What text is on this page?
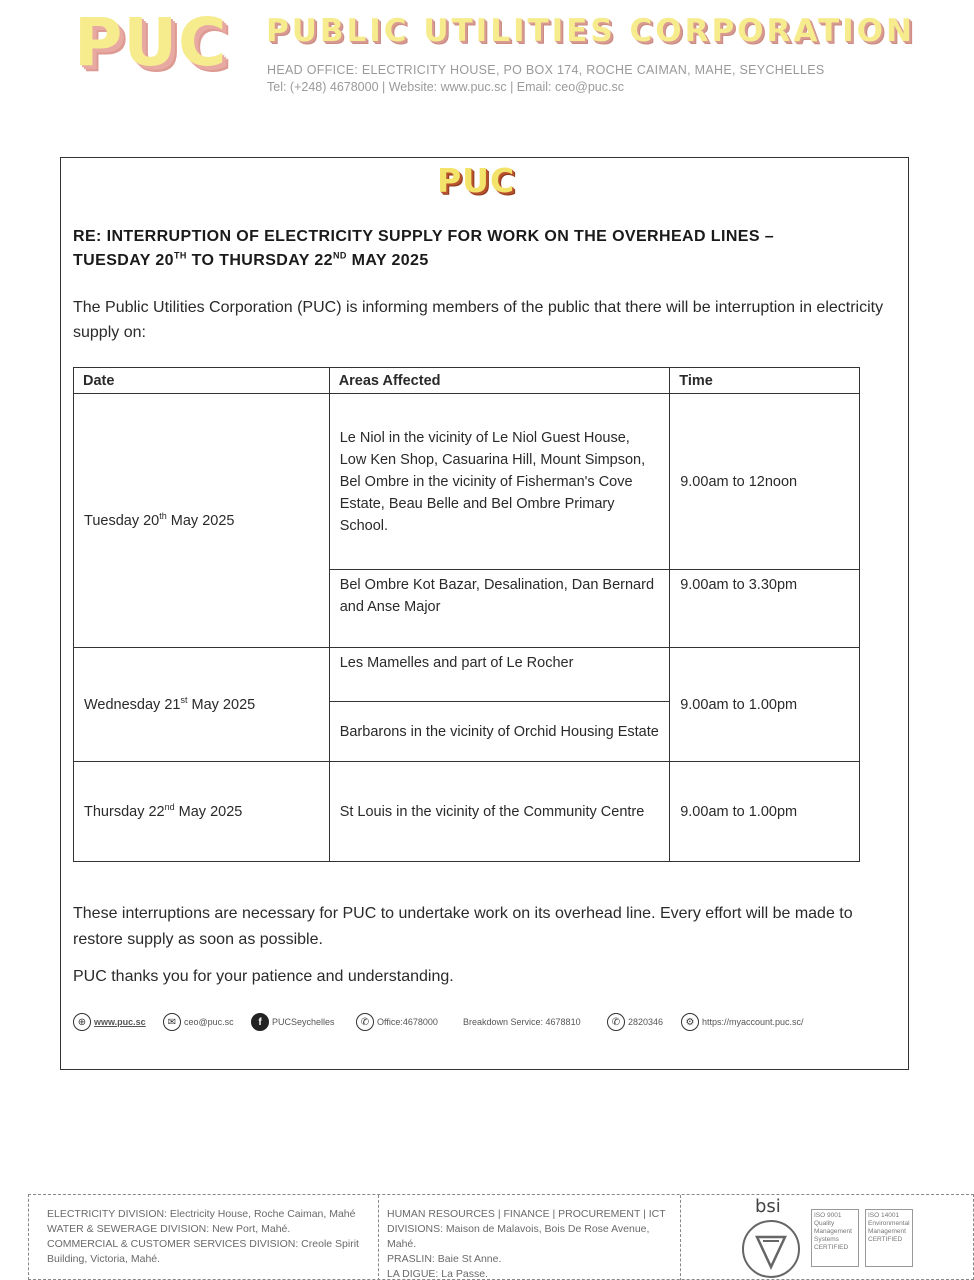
PUC PUBLIC UTILITIES CORPORATION
HEAD OFFICE: ELECTRICITY HOUSE, PO BOX 174, ROCHE CAIMAN, MAHE, SEYCHELLES
Tel: (+248) 4678000 | Website: www.puc.sc | Email: ceo@puc.sc
PUC
RE: INTERRUPTION OF ELECTRICITY SUPPLY FOR WORK ON THE OVERHEAD LINES –
TUESDAY 20TH TO THURSDAY 22ND MAY 2025
The Public Utilities Corporation (PUC) is informing members of the public that there will be interruption in electricity supply on:
Date	Areas Affected	Time
Tuesday 20th May 2025	Le Niol in the vicinity of Le Niol Guest House, Low Ken Shop, Casuarina Hill, Mount Simpson, Bel Ombre in the vicinity of Fisherman's Cove Estate, Beau Belle and Bel Ombre Primary School.	9.00am to 12noon
	Bel Ombre Kot Bazar, Desalination, Dan Bernard and Anse Major	9.00am to 3.30pm
Wednesday 21st May 2025	Les Mamelles and part of Le Rocher	9.00am to 1.00pm
	Barbarons in the vicinity of Orchid Housing Estate	
Thursday 22nd May 2025	St Louis in the vicinity of the Community Centre	9.00am to 1.00pm
These interruptions are necessary for PUC to undertake work on its overhead line. Every effort will be made to restore supply as soon as possible.
PUC thanks you for your patience and understanding.
⊕ www.puc.sc	✉ ceo@puc.sc	f	PUCSeychelles	✆ Office:4678000	Breakdown Service: 4678810	✆ 2820346	⚙ https://myaccount.puc.sc/
ELECTRICITY DIVISION: Electricity House, Roche Caiman, Mahé
WATER & SEWERAGE DIVISION: New Port, Mahé.
COMMERCIAL & CUSTOMER SERVICES DIVISION: Creole Spirit
Building, Victoria, Mahé.
HUMAN RESOURCES | FINANCE | PROCUREMENT | ICT
DIVISIONS: Maison de Malavois, Bois De Rose Avenue,
Mahé.
PRASLIN: Baie St Anne.
LA DIGUE: La Passe.
bsi	ISO 9001 Quality Management Systems CERTIFIED
ISO 14001 Environmental Management CERTIFIED
